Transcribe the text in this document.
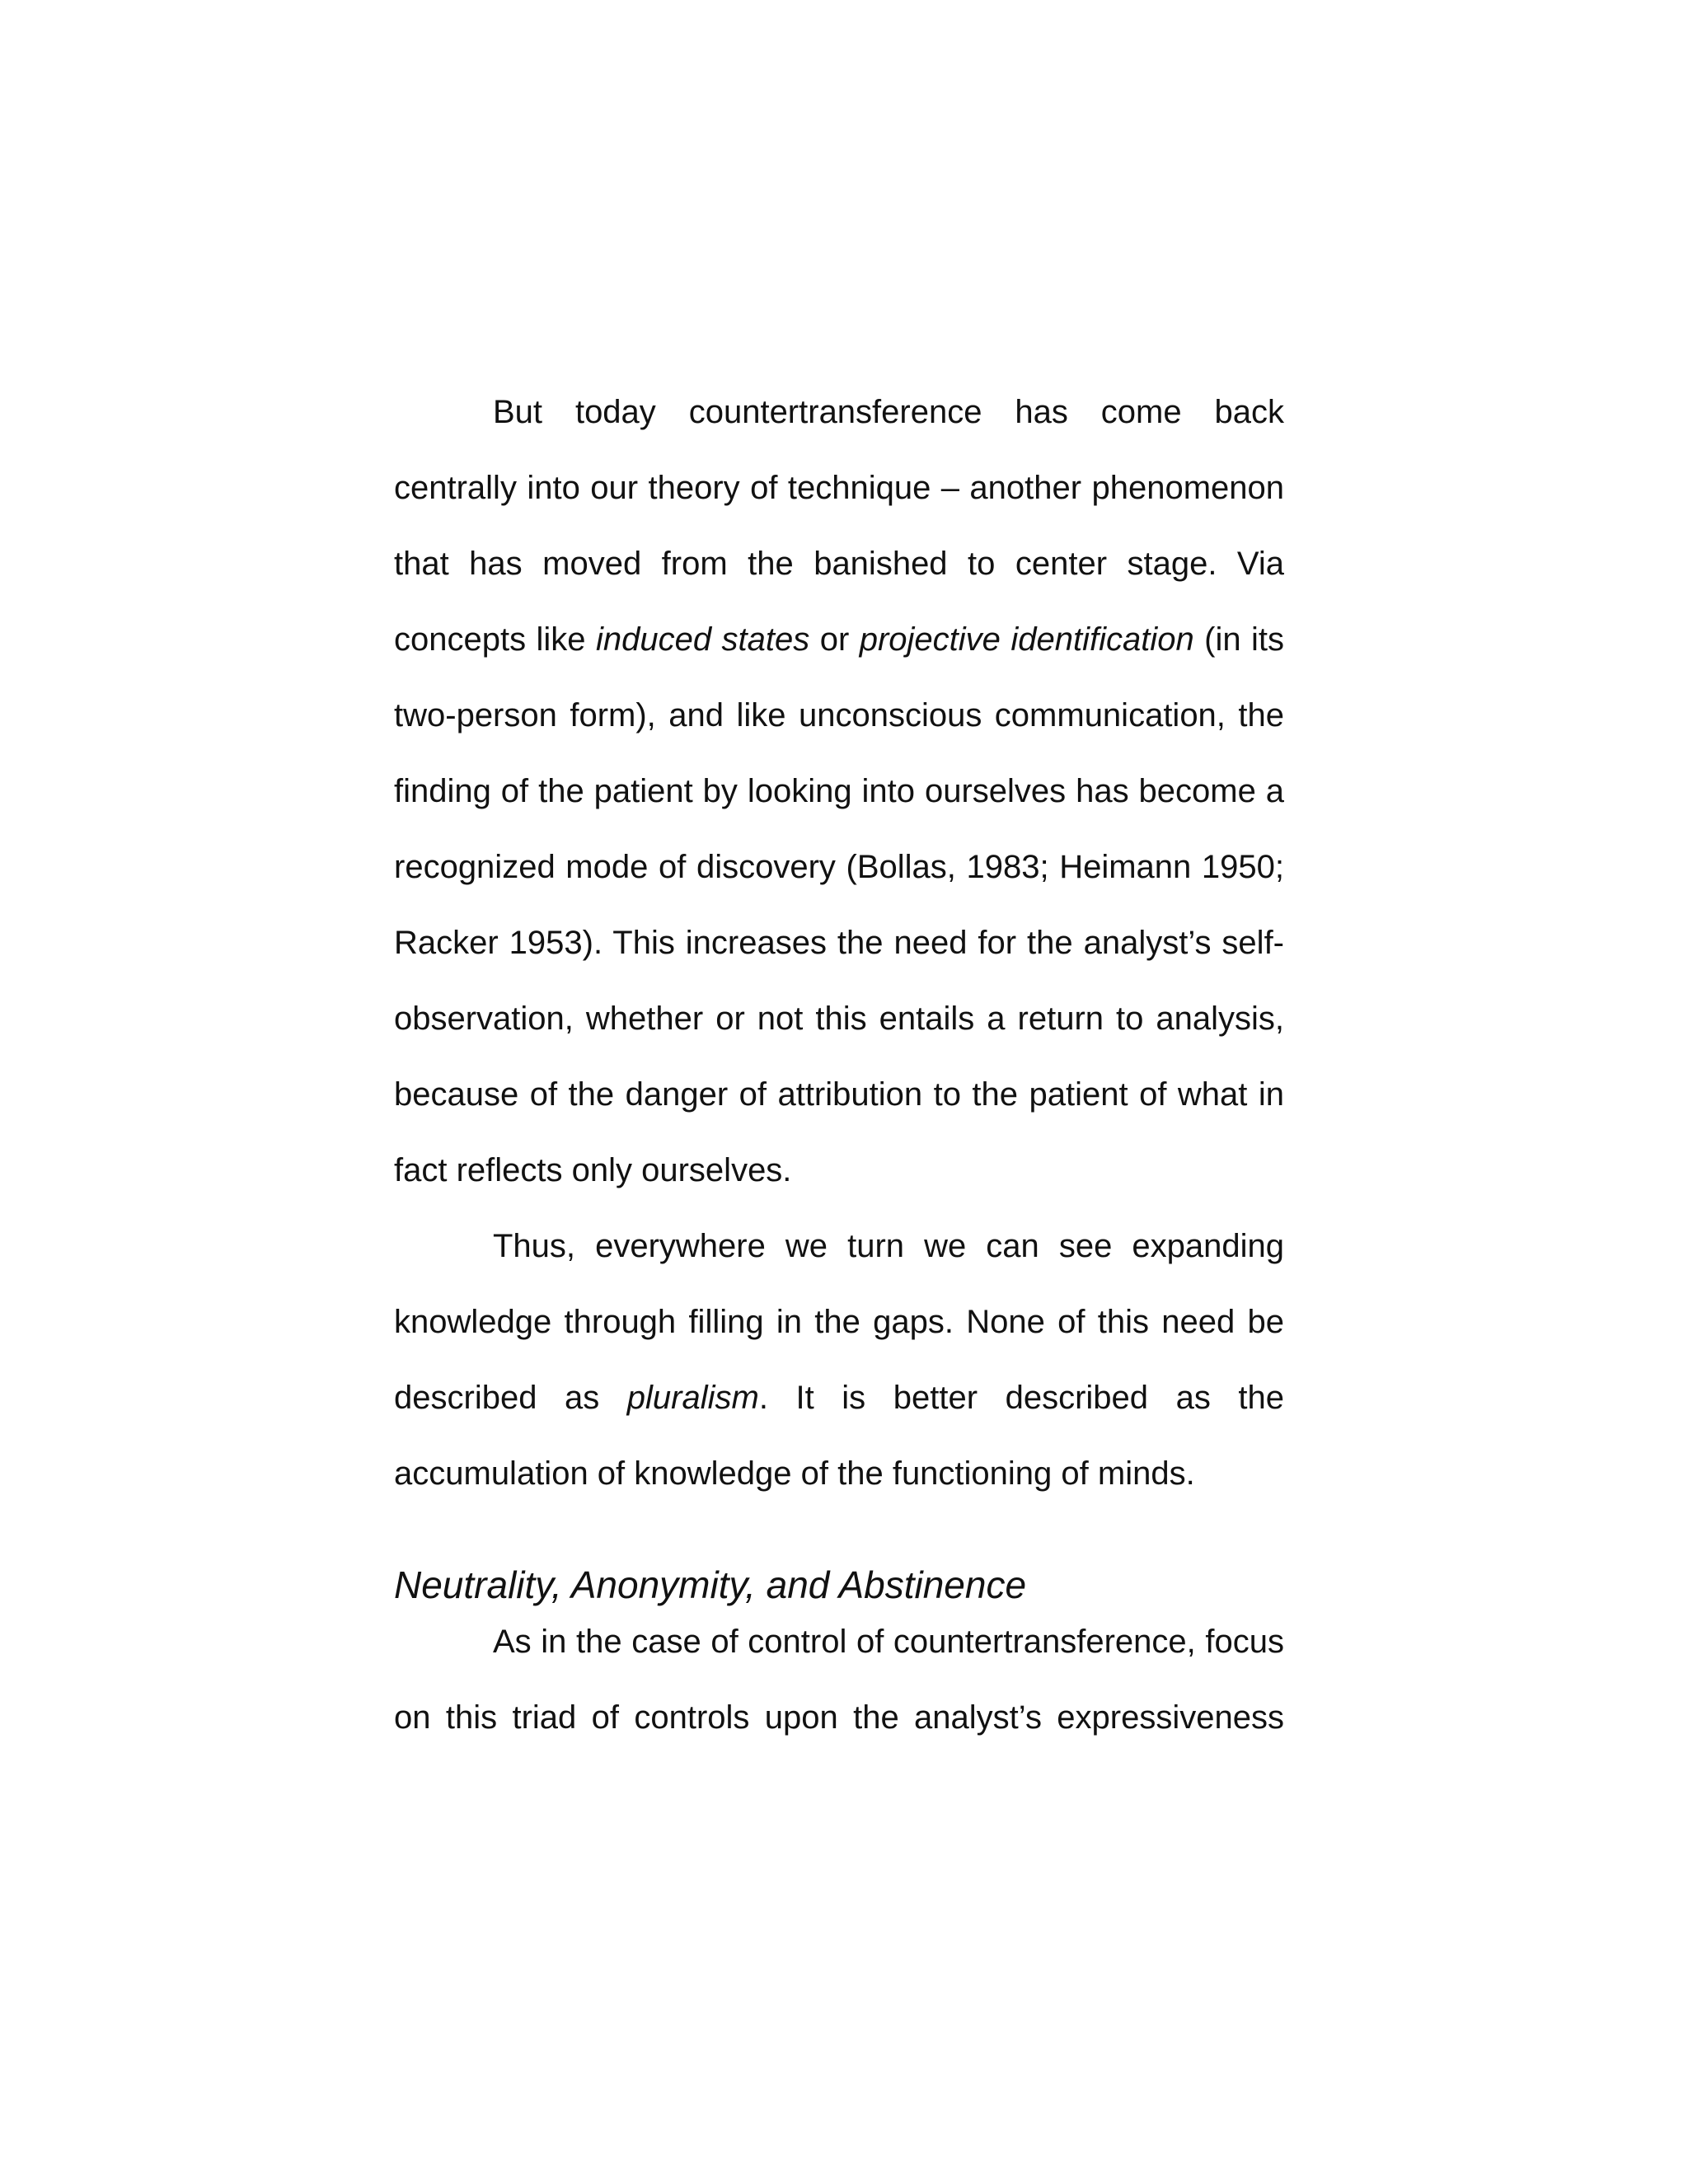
But today countertransference has come back
centrally into our theory of technique – another phenomenon
that has moved from the banished to center stage. Via
concepts like induced states or projective identification (in its
two-person form), and like unconscious communication, the
finding of the patient by looking into ourselves has become a
recognized mode of discovery (Bollas, 1983; Heimann 1950;
Racker 1953). This increases the need for the analyst’s self-
observation, whether or not this entails a return to analysis,
because of the danger of attribution to the patient of what in
fact reflects only ourselves.
Thus, everywhere we turn we can see expanding
knowledge through filling in the gaps. None of this need be
described as pluralism. It is better described as the
accumulation of knowledge of the functioning of minds.
Neutrality, Anonymity, and Abstinence
As in the case of control of countertransference, focus
on this triad of controls upon the analyst’s expressiveness
